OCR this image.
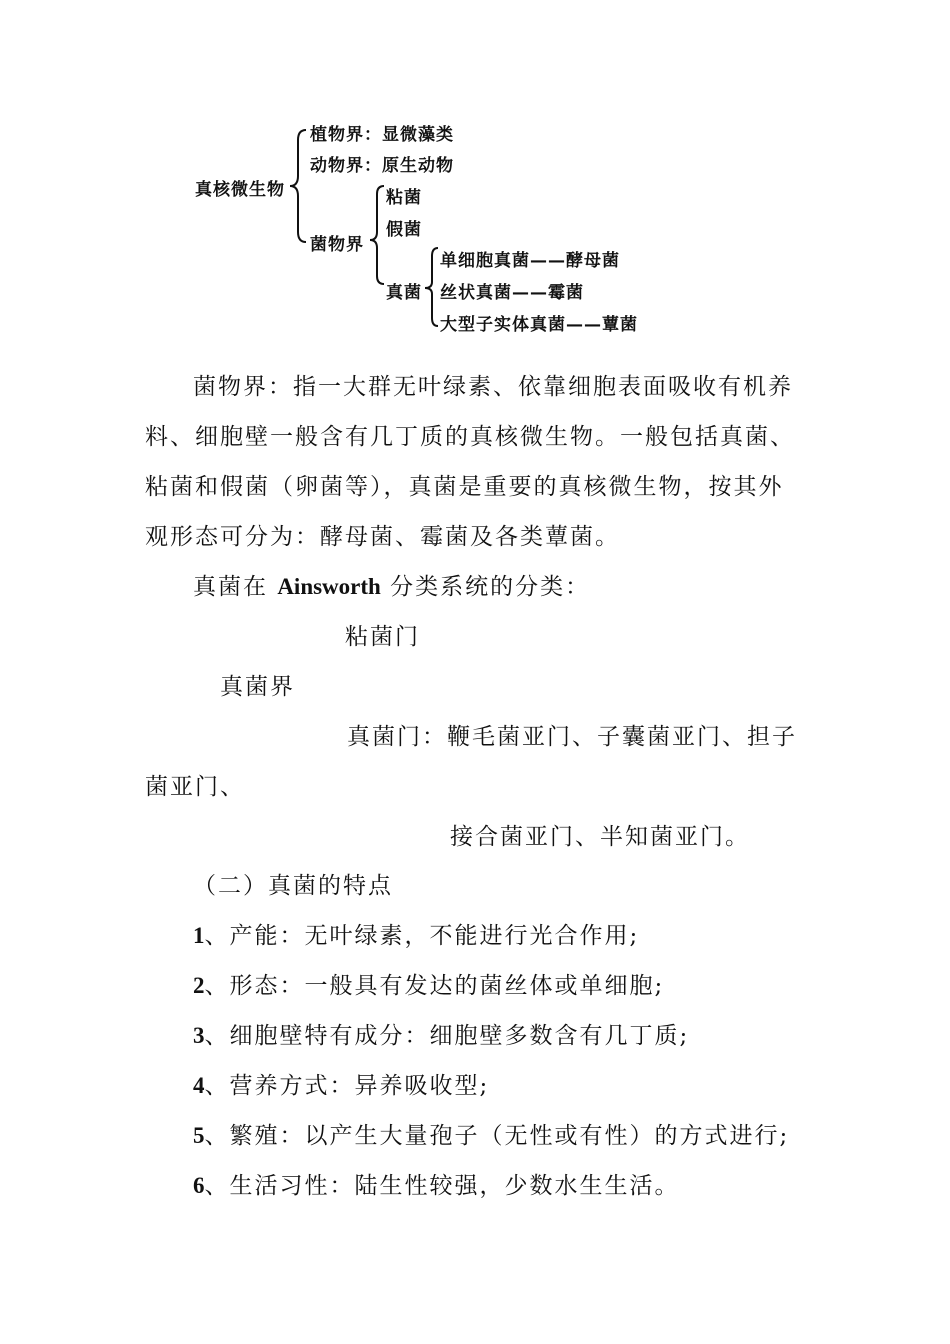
真核微生物
植物界：显微藻类
动物界：原生动物
菌物界
粘菌
假菌
真菌
单细胞真菌——酵母菌
丝状真菌——霉菌
大型子实体真菌——蕈菌
菌物界：指一大群无叶绿素、依靠细胞表面吸收有机养
料、细胞壁一般含有几丁质的真核微生物。一般包括真菌、
粘菌和假菌（卵菌等），真菌是重要的真核微生物，按其外
观形态可分为：酵母菌、霉菌及各类蕈菌。
真菌在 Ainsworth 分类系统的分类：
粘菌门
真菌界
真菌门：鞭毛菌亚门、子囊菌亚门、担子
菌亚门、
接合菌亚门、半知菌亚门。
（二）真菌的特点
1、产能：无叶绿素，不能进行光合作用;
2、形态：一般具有发达的菌丝体或单细胞;
3、细胞壁特有成分：细胞壁多数含有几丁质;
4、营养方式：异养吸收型;
5、繁殖：以产生大量孢子（无性或有性）的方式进行;
6、生活习性：陆生性较强，少数水生生活。
